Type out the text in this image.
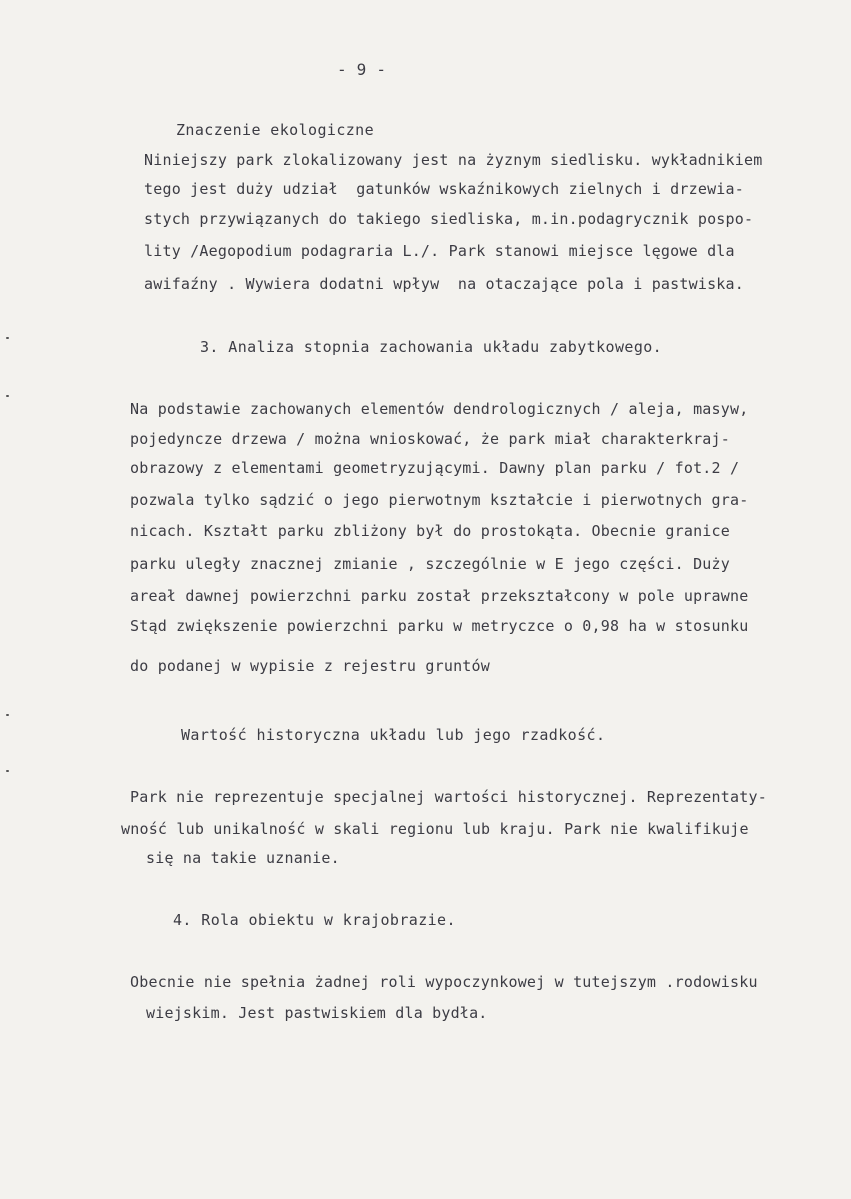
- 9 -

Znaczenie ekologiczne

Niniejszy park zlokalizowany jest na żyznym siedlisku. wykładnikiem

tego jest duży udział  gatunków wskaźnikowych zielnych i drzewia-

stych przywiązanych do takiego siedliska, m.in.podagrycznik pospo-

lity /Aegopodium podagraria L./. Park stanowi miejsce lęgowe dla

awifaźny . Wywiera dodatni wpływ  na otaczające pola i pastwiska.

3. Analiza stopnia zachowania układu zabytkowego.

Na podstawie zachowanych elementów dendrologicznych / aleja, masyw,

pojedyncze drzewa / można wnioskować, że park miał charakterkraj-

obrazowy z elementami geometryzującymi. Dawny plan parku / fot.2 /

pozwala tylko sądzić o jego pierwotnym kształcie i pierwotnych gra-

nicach. Kształt parku zbliżony był do prostokąta. Obecnie granice

parku uległy znacznej zmianie , szczególnie w E jego części. Duży

areał dawnej powierzchni parku został przekształcony w pole uprawne

Stąd zwiększenie powierzchni parku w metryczce o 0,98 ha w stosunku

do podanej w wypisie z rejestru gruntów

Wartość historyczna układu lub jego rzadkość.

Park nie reprezentuje specjalnej wartości historycznej. Reprezentaty-

wność lub unikalność w skali regionu lub kraju. Park nie kwalifikuje

się na takie uznanie.

4. Rola obiektu w krajobrazie.

Obecnie nie spełnia żadnej roli wypoczynkowej w tutejszym .rodowisku

wiejskim. Jest pastwiskiem dla bydła.
